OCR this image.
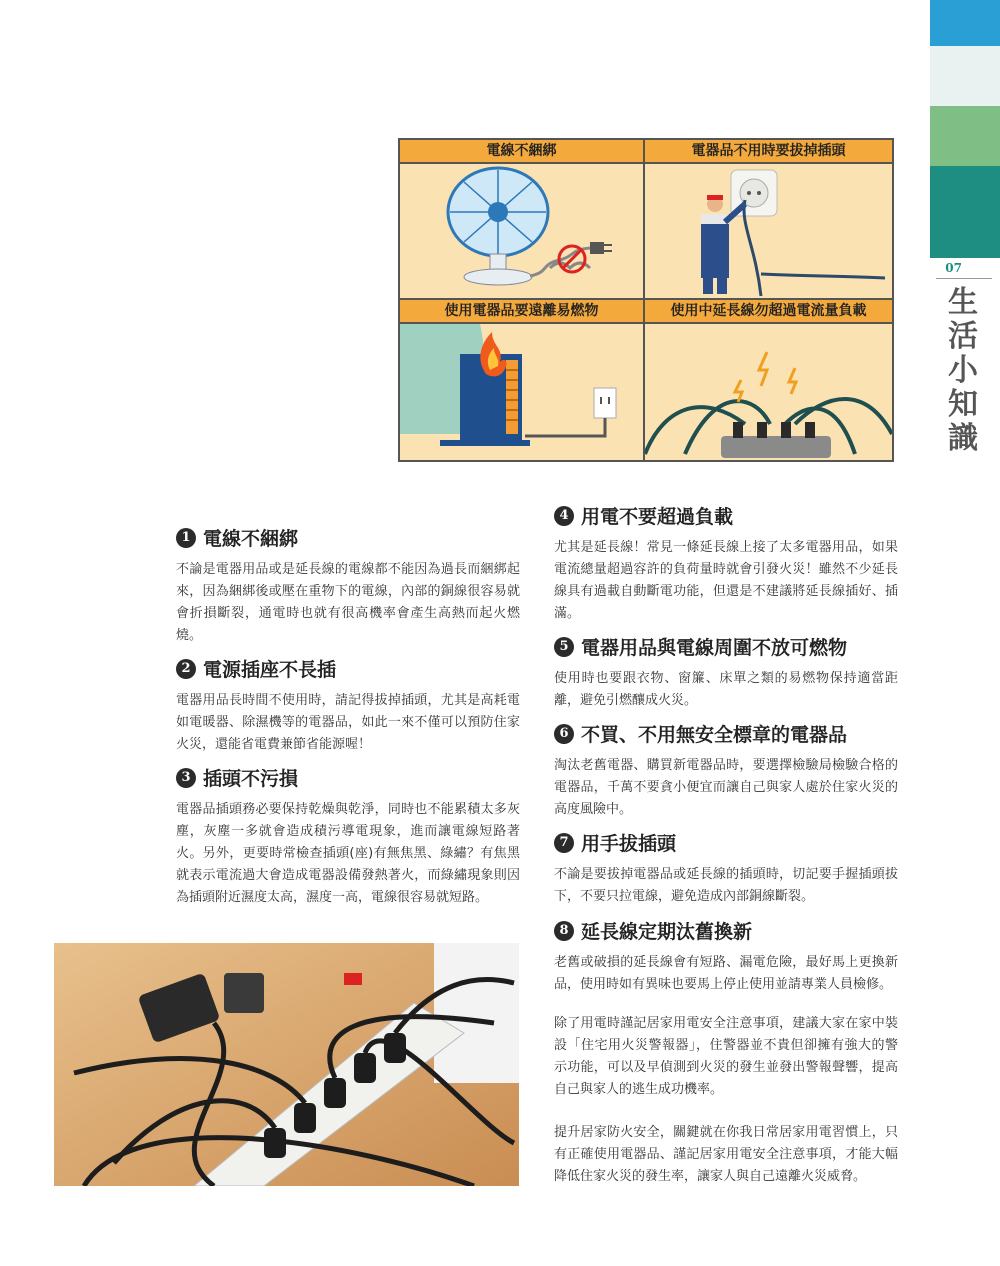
07
生活小知識
電線不綑綁	電器品不用時要拔掉插頭
使用電器品要遠離易燃物	使用中延長線勿超過電流量負載
1 電線不綑綁

不論是電器用品或是延長線的電線都不能因為過長而綑綁起來，因為綑綁後或壓在重物下的電線，內部的銅線很容易就會折損斷裂，通電時也就有很高機率會產生高熱而起火燃燒。

2 電源插座不長插

電器用品長時間不使用時，請記得拔掉插頭，尤其是高耗電如電暖器、除濕機等的電器品，如此一來不僅可以預防住家火災，還能省電費兼節省能源喔！

3 插頭不污損

電器品插頭務必要保持乾燥與乾淨，同時也不能累積太多灰塵，灰塵一多就會造成積污導電現象，進而讓電線短路著火。另外，更要時常檢查插頭(座)有無焦黑、綠繡？有焦黑就表示電流過大會造成電器設備發熱著火，而綠繡現象則因為插頭附近濕度太高，濕度一高，電線很容易就短路。

4 用電不要超過負載

尤其是延長線！常見一條延長線上接了太多電器用品，如果電流總量超過容許的負荷量時就會引發火災！雖然不少延長線具有過載自動斷電功能，但還是不建議將延長線插好、插滿。

5 電器用品與電線周圍不放可燃物

使用時也要跟衣物、窗簾、床單之類的易燃物保持適當距離，避免引燃釀成火災。

6 不買、不用無安全標章的電器品

淘汰老舊電器、購買新電器品時，要選擇檢驗局檢驗合格的電器品，千萬不要貪小便宜而讓自己與家人處於住家火災的高度風險中。

7 用手拔插頭

不論是要拔掉電器品或延長線的插頭時，切記要手握插頭拔下，不要只拉電線，避免造成內部銅線斷裂。

8 延長線定期汰舊換新

老舊或破損的延長線會有短路、漏電危險，最好馬上更換新品，使用時如有異味也要馬上停止使用並請專業人員檢修。

除了用電時謹記居家用電安全注意事項，建議大家在家中裝設「住宅用火災警報器」，住警器並不貴但卻擁有強大的警示功能，可以及早偵測到火災的發生並發出警報聲響，提高自己與家人的逃生成功機率。

提升居家防火安全，關鍵就在你我日常居家用電習慣上，只有正確使用電器品、謹記居家用電安全注意事項，才能大幅降低住家火災的發生率，讓家人與自己遠離火災威脅。
